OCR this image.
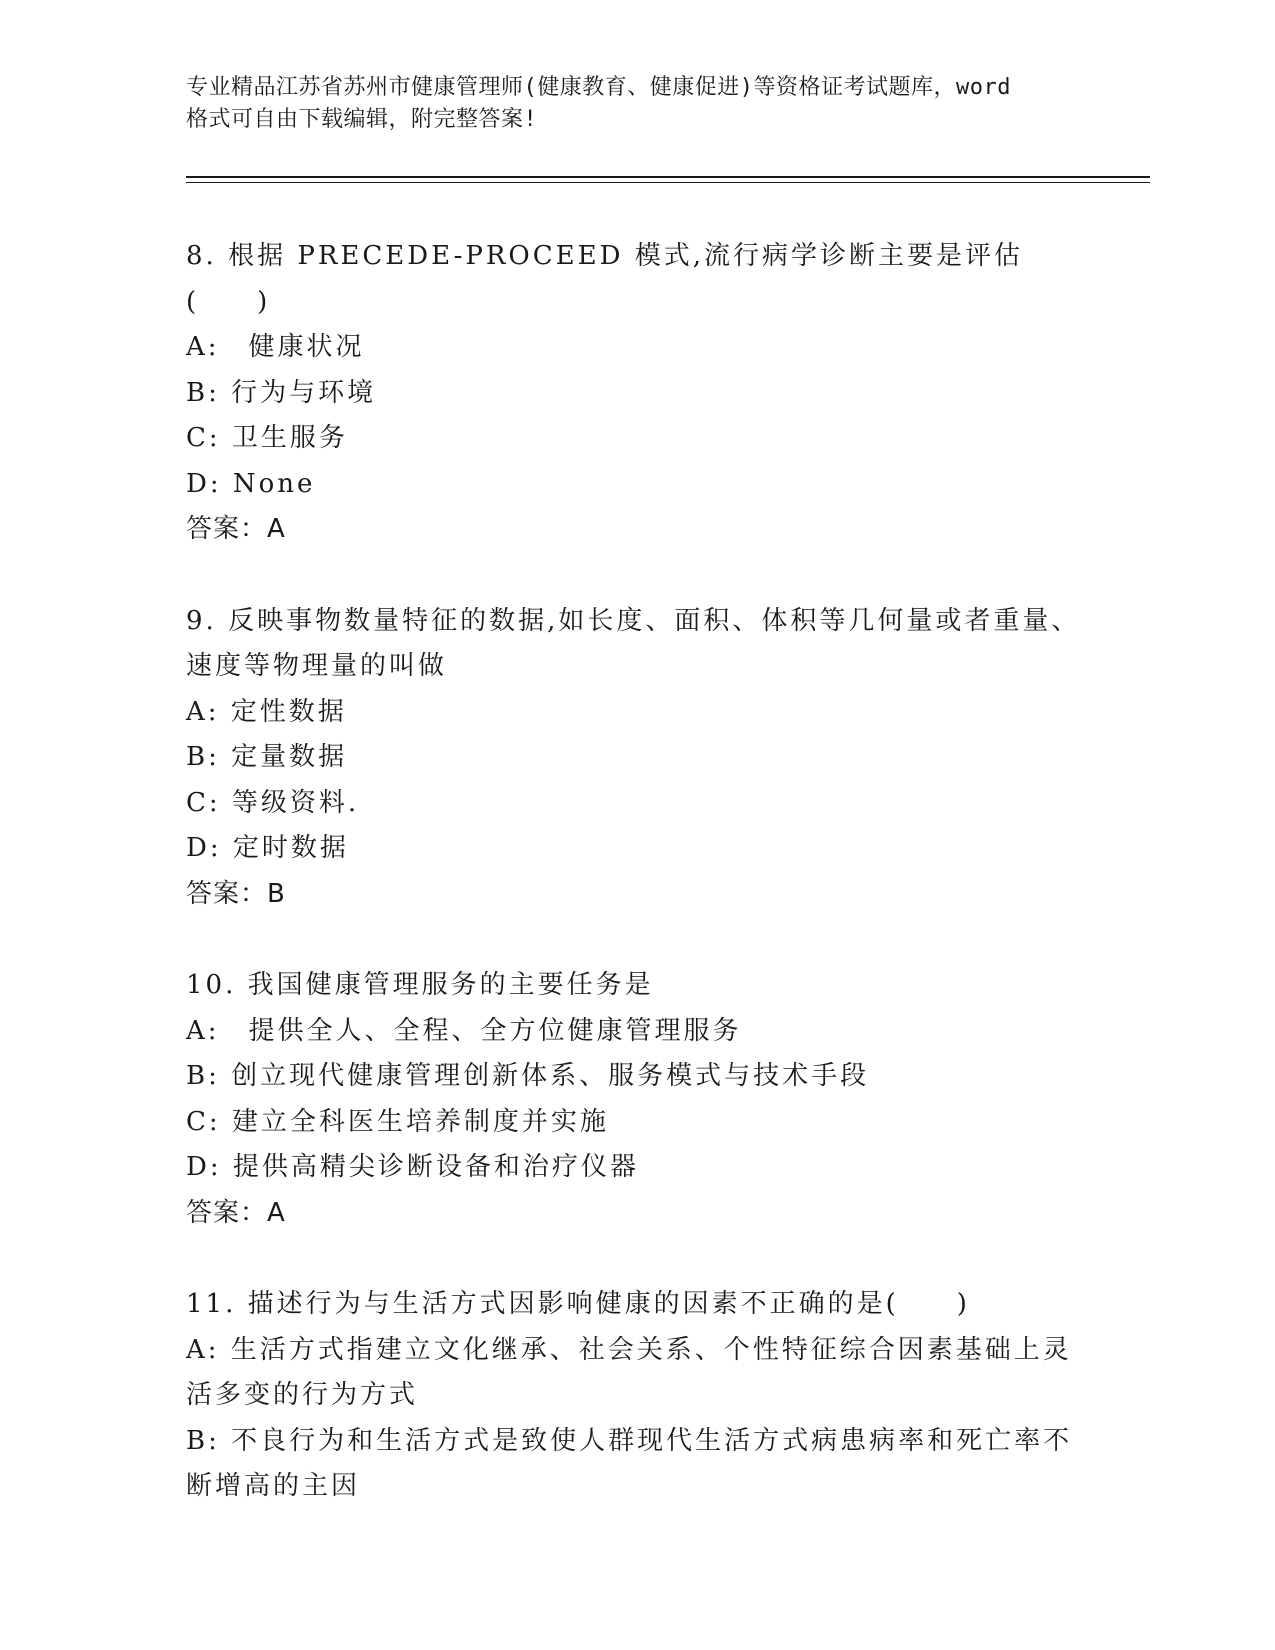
专业精品江苏省苏州市健康管理师(健康教育、健康促进)等资格证考试题库，word
格式可自由下载编辑，附完整答案!
8. 根据 PRECEDE-PROCEED 模式,流行病学诊断主要是评估(　　)
A:　健康状况
B: 行为与环境
C: 卫生服务
D: None
答案：A
9. 反映事物数量特征的数据,如长度、面积、体积等几何量或者重量、速度等物理量的叫做
A: 定性数据
B: 定量数据
C: 等级资料.
D: 定时数据
答案：B
10. 我国健康管理服务的主要任务是
A:　提供全人、全程、全方位健康管理服务
B: 创立现代健康管理创新体系、服务模式与技术手段
C: 建立全科医生培养制度并实施
D: 提供高精尖诊断设备和治疗仪器
答案：A
11. 描述行为与生活方式因影响健康的因素不正确的是(　　)
A: 生活方式指建立文化继承、社会关系、个性特征综合因素基础上灵活多变的行为方式
B: 不良行为和生活方式是致使人群现代生活方式病患病率和死亡率不断增高的主因
